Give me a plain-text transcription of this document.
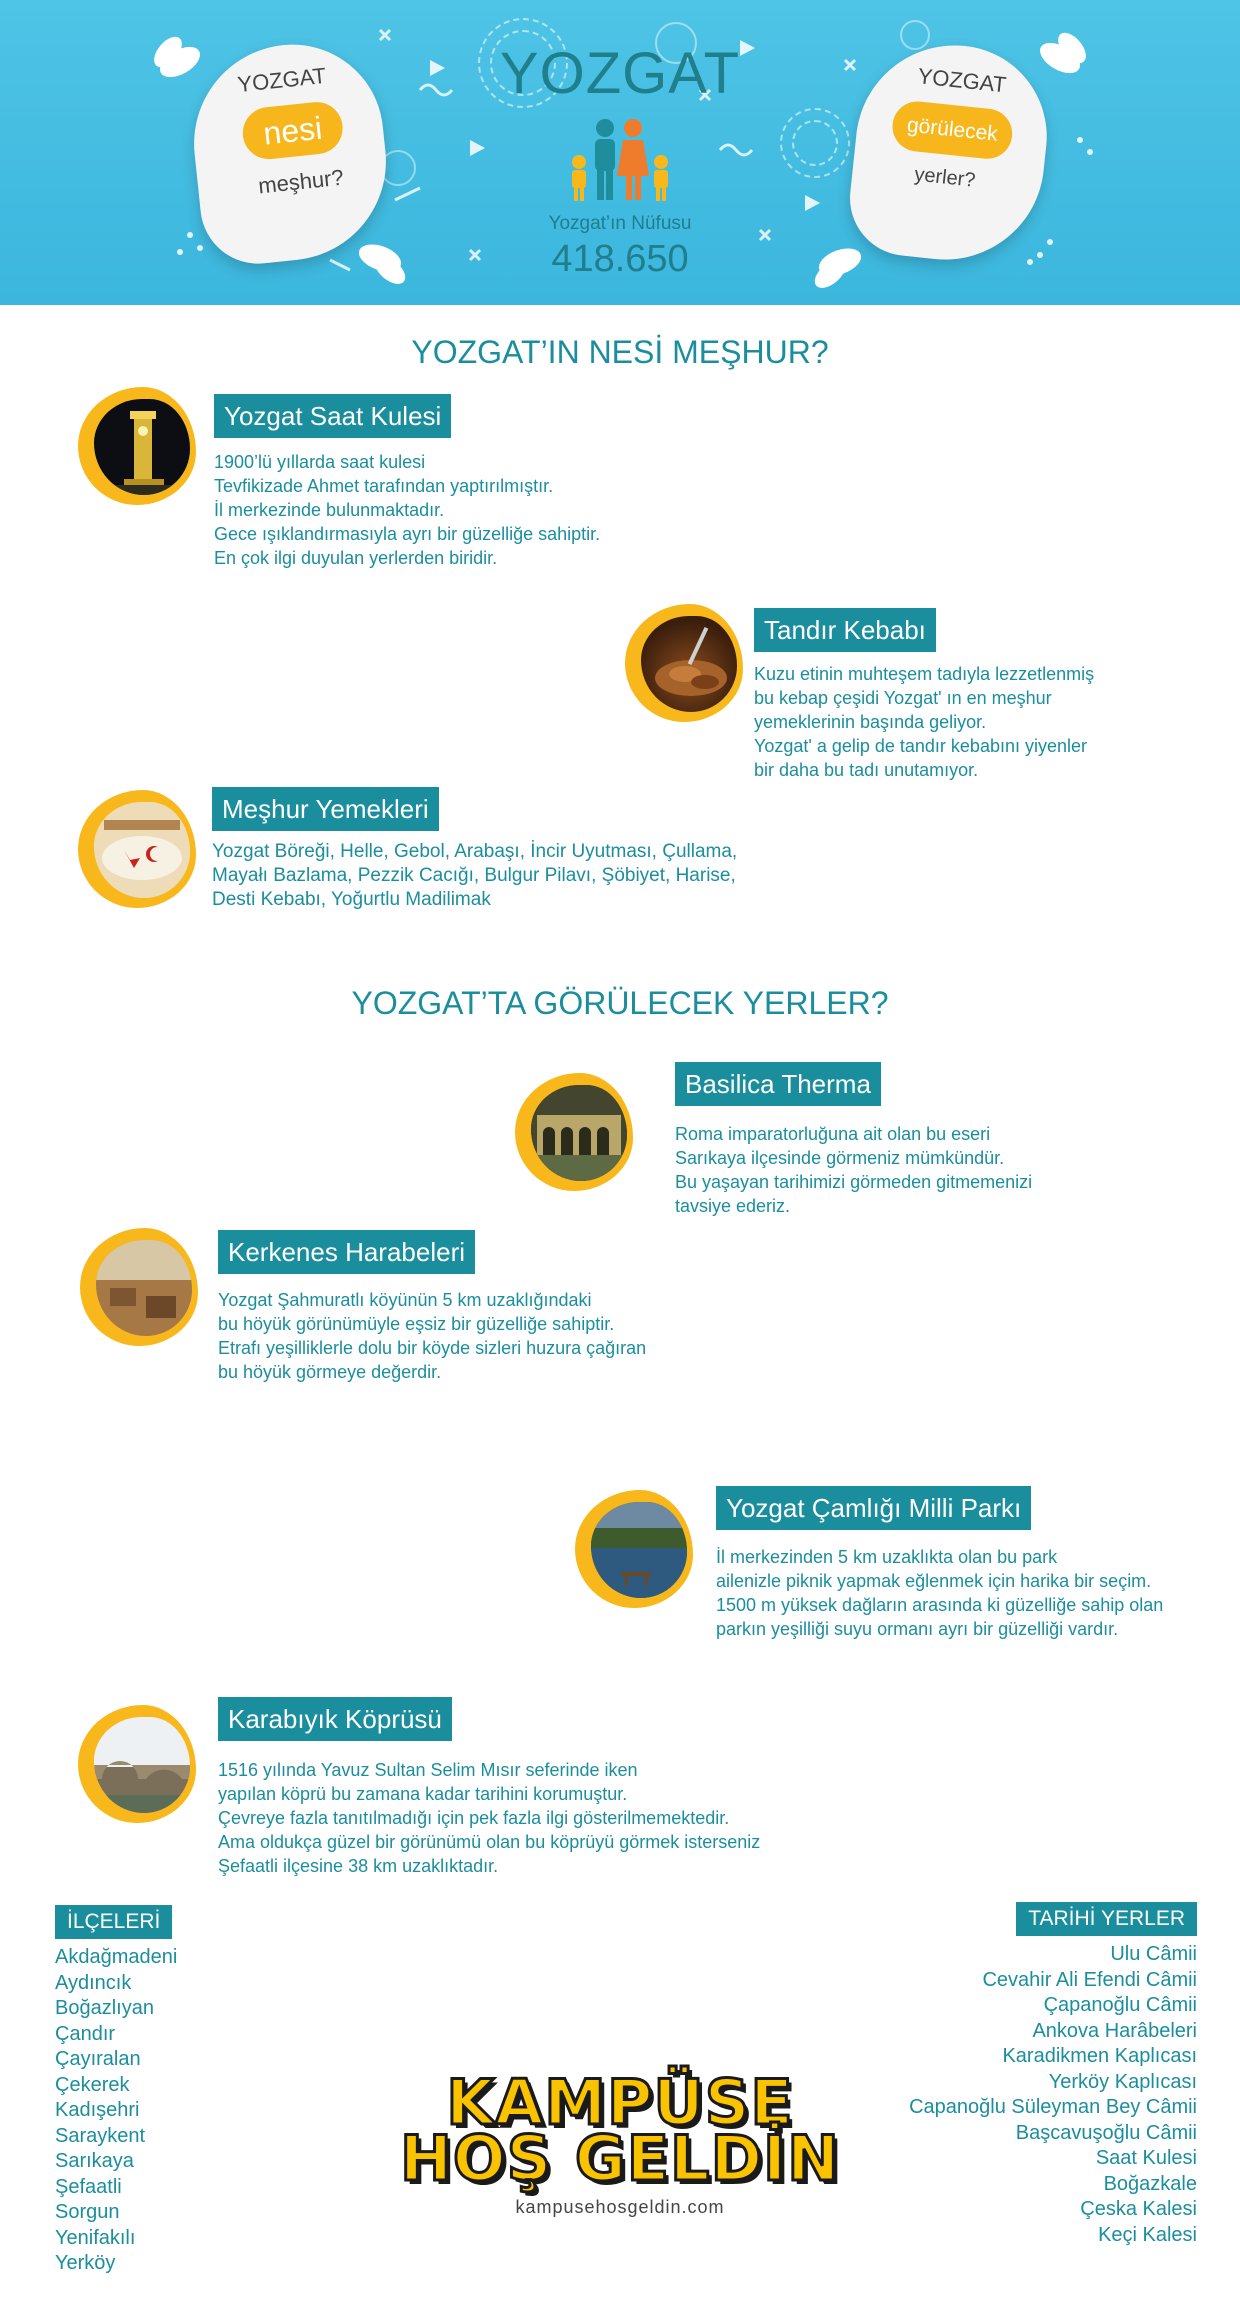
YOZGAT
nesi
meşhur?
YOZGAT
görülecek
yerler?
YOZGAT
Yozgat’ın Nüfusu
418.650
YOZGAT’IN NESİ MEŞHUR?
Yozgat Saat Kulesi
1900’lü yıllarda saat kulesi
Tevfikizade Ahmet tarafından yaptırılmıştır.
İl merkezinde bulunmaktadır.
Gece ışıklandırmasıyla ayrı bir güzelliğe sahiptir.
En çok ilgi duyulan yerlerden biridir.
Tandır Kebabı
Kuzu etinin muhteşem tadıyla lezzetlenmiş
bu kebap çeşidi Yozgat' ın en meşhur
yemeklerinin başında geliyor.
Yozgat' a gelip de tandır kebabını yiyenler
bir daha bu tadı unutamıyor.
Meşhur Yemekleri
Yozgat Böreği, Helle, Gebol, Arabaşı, İncir Uyutması, Çullama,
Mayałı Bazlama, Pezzik Cacığı, Bulgur Pilavı, Şöbiyet, Harise,
Desti Kebabı, Yoğurtlu Madilimak
YOZGAT’TA GÖRÜLECEK YERLER?
Basilica Therma
Roma imparatorluğuna ait olan bu eseri
Sarıkaya ilçesinde görmeniz mümkündür.
Bu yaşayan tarihimizi görmeden gitmemenizi
tavsiye ederiz.
Kerkenes Harabeleri
Yozgat Şahmuratlı köyünün 5 km uzaklığındaki
bu höyük görünümüyle eşsiz bir güzelliğe sahiptir.
Etrafı yeşilliklerle dolu bir köyde sizleri huzura çağıran
bu höyük görmeye değerdir.
Yozgat Çamlığı Milli Parkı
İl merkezinden 5 km uzaklıkta olan bu park
ailenizle piknik yapmak eğlenmek için harika bir seçim.
1500 m yüksek dağların arasında ki güzelliğe sahip olan
parkın yeşilliği suyu ormanı ayrı bir güzelliği vardır.
Karabıyık Köprüsü
1516 yılında Yavuz Sultan Selim Mısır seferinde iken
yapılan köprü bu zamana kadar tarihini korumuştur.
Çevreye fazla tanıtılmadığı için pek fazla ilgi gösterilmemektedir.
Ama oldukça güzel bir görünümü olan bu köprüyü görmek isterseniz
Şefaatli ilçesine 38 km uzaklıktadır.
İLÇELERİ
Akdağmadeni
Aydıncık
Boğazlıyan
Çandır
Çayıralan
Çekerek
Kadışehri
Saraykent
Sarıkaya
Şefaatli
Sorgun
Yenifakılı
Yerköy
TARİHİ YERLER
Ulu Câmii
Cevahir Ali Efendi Câmii
Çapanoğlu Câmii
Ankova Harâbeleri
Karadikmen Kaplıcası
Yerköy Kaplıcası
Capanoğlu Süleyman Bey Câmii
Başcavuşoğlu Câmii
Saat Kulesi
Boğazkale
Çeska Kalesi
Keçi Kalesi
KAMPÜSE
HOŞ GELDİN
kampusehosgeldin.com
